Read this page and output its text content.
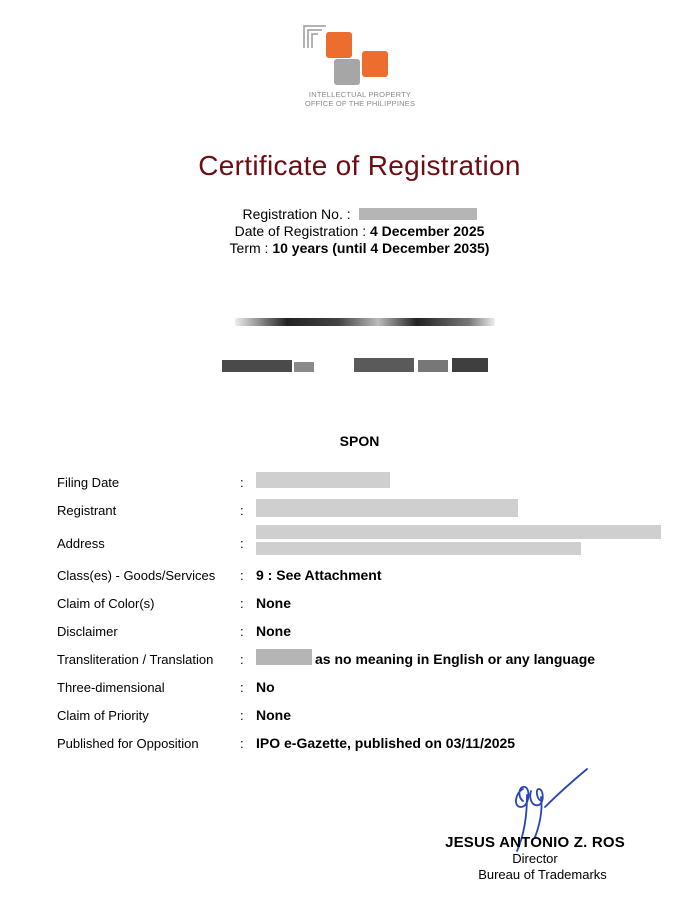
INTELLECTUAL PROPERTY
OFFICE OF THE PHILIPPINES
Certificate of Registration
Registration No. :
Date of Registration : 4 December 2025
Term : 10 years (until 4 December 2035)
SPON
Filing Date	:
Registrant	:
Address	:
Class(es) - Goods/Services : 9 : See Attachment
Claim of Color(s)	: None
Disclaimer	: None
Transliteration / Translation :	as no meaning in English or any language
Three-dimensional	: No
Claim of Priority	: None
Published for Opposition	: IPO e-Gazette, published on 03/11/2025
JESUS ANTONIO Z. ROS
Director
Bureau of Trademarks
